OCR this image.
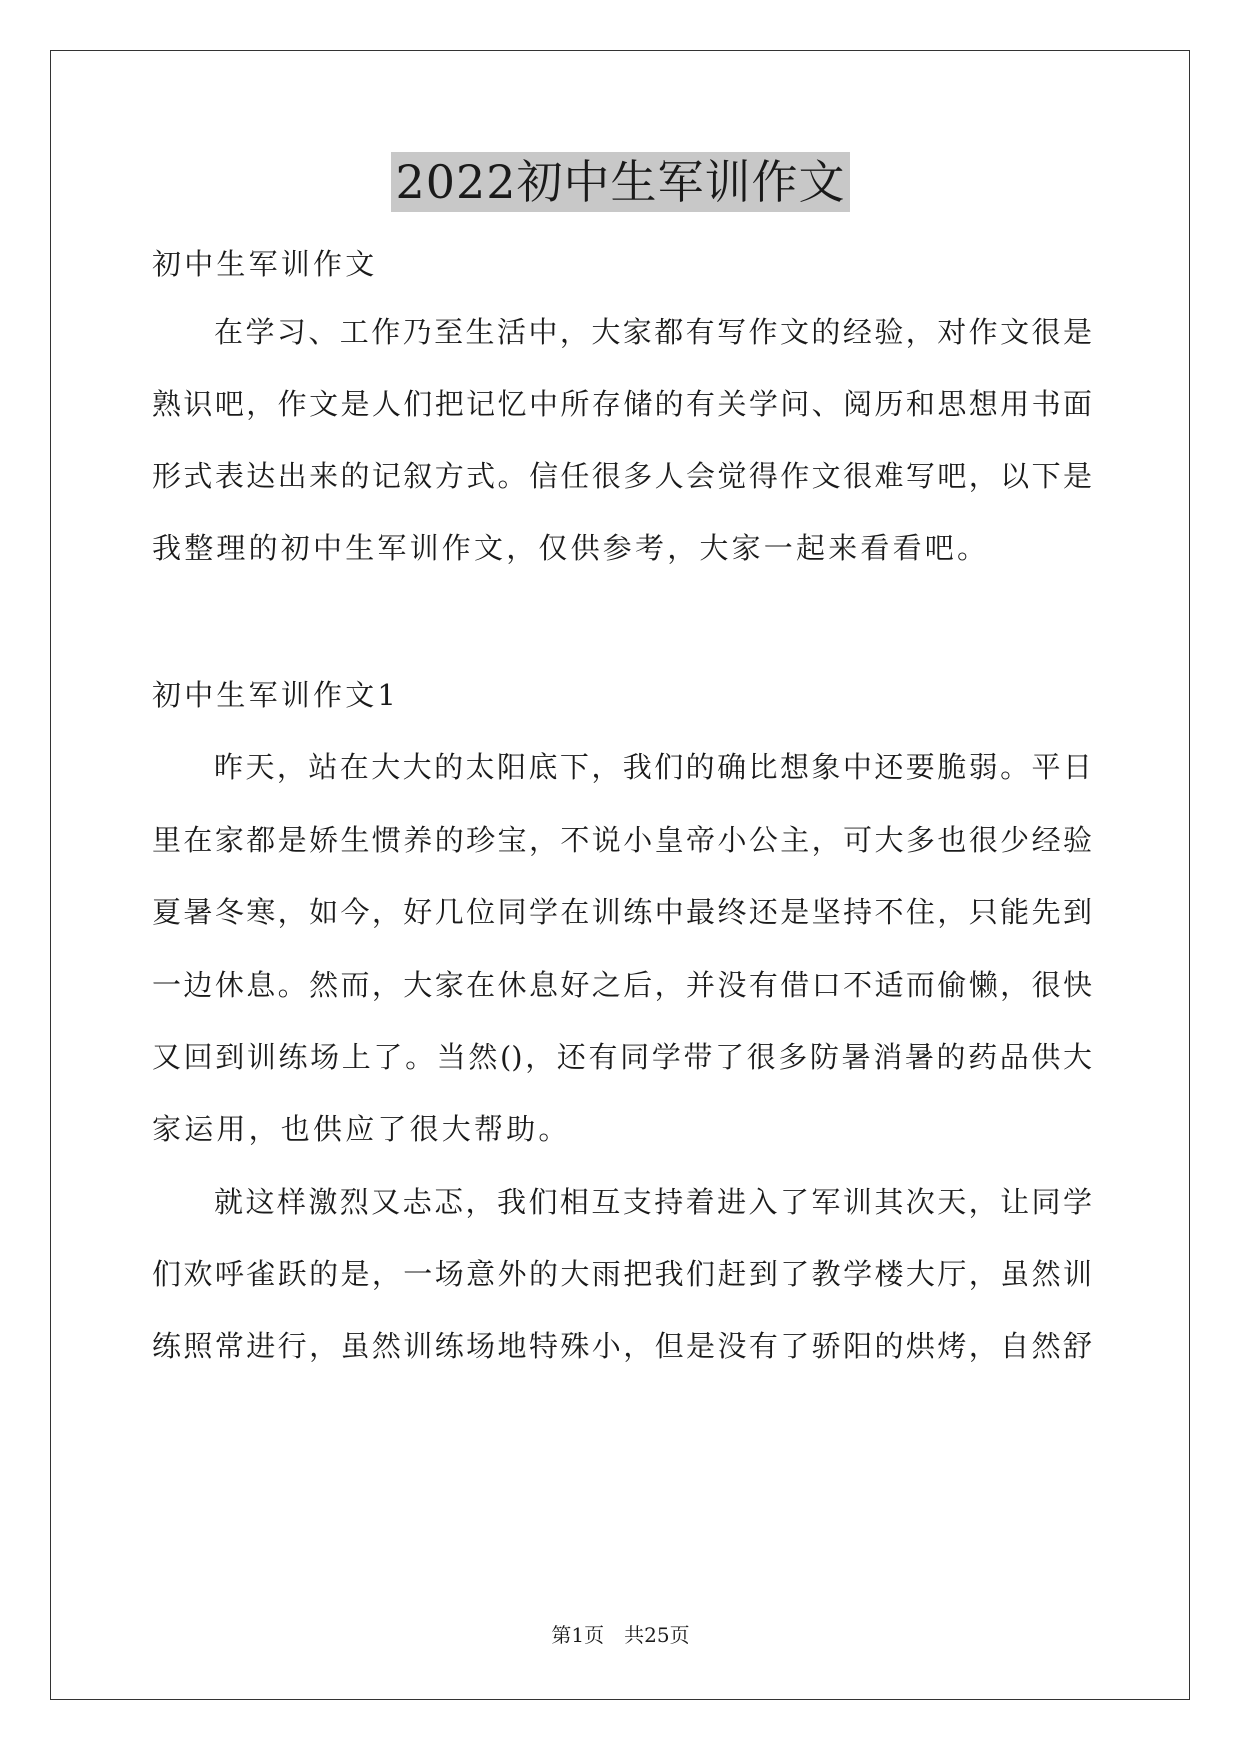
2022初中生军训作文
初中生军训作文
在学习、工作乃至生活中，大家都有写作文的经验，对作文很是
熟识吧，作文是人们把记忆中所存储的有关学问、阅历和思想用书面
形式表达出来的记叙方式。信任很多人会觉得作文很难写吧，以下是
我整理的初中生军训作文，仅供参考，大家一起来看看吧。
初中生军训作文1
昨天，站在大大的太阳底下，我们的确比想象中还要脆弱。平日
里在家都是娇生惯养的珍宝，不说小皇帝小公主，可大多也很少经验
夏暑冬寒，如今，好几位同学在训练中最终还是坚持不住，只能先到
一边休息。然而，大家在休息好之后，并没有借口不适而偷懒，很快
又回到训练场上了。当然()，还有同学带了很多防暑消暑的药品供大
家运用，也供应了很大帮助。
就这样激烈又忐忑，我们相互支持着进入了军训其次天，让同学
们欢呼雀跃的是，一场意外的大雨把我们赶到了教学楼大厅，虽然训
练照常进行，虽然训练场地特殊小，但是没有了骄阳的烘烤，自然舒
第1页　共25页
